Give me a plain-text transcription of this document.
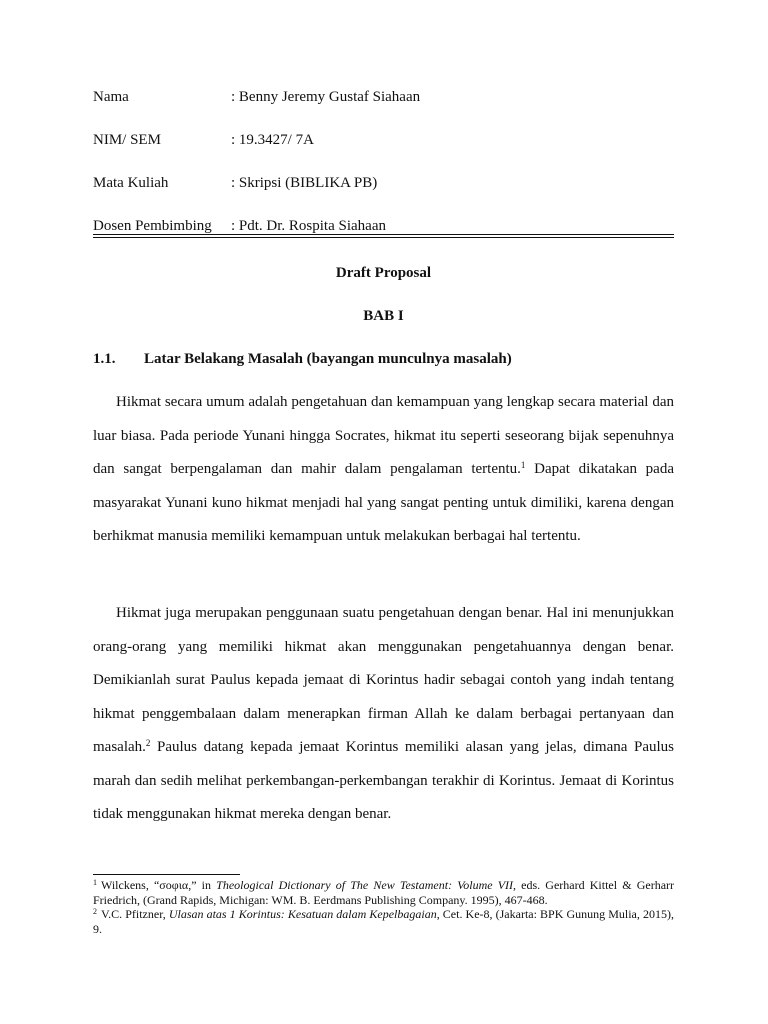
Nama	: Benny Jeremy Gustaf Siahaan
NIM/ SEM	: 19.3427/ 7A
Mata Kuliah	: Skripsi (BIBLIKA PB)
Dosen Pembimbing : Pdt. Dr. Rospita Siahaan
Draft Proposal
BAB I
1.1. Latar Belakang Masalah (bayangan munculnya masalah)

Hikmat secara umum adalah pengetahuan dan kemampuan yang lengkap secara material dan luar biasa. Pada periode Yunani hingga Socrates, hikmat itu seperti seseorang bijak sepenuhnya dan sangat berpengalaman dan mahir dalam pengalaman tertentu.$^1$ Dapat dikatakan pada masyarakat Yunani kuno hikmat menjadi hal yang sangat penting untuk dimiliki, karena dengan berhikmat manusia memiliki kemampuan untuk melakukan berbagai hal tertentu.

Hikmat juga merupakan penggunaan suatu pengetahuan dengan benar. Hal ini menunjukkan orang-orang yang memiliki hikmat akan menggunakan pengetahuannya dengan benar. Demikianlah surat Paulus kepada jemaat di Korintus hadir sebagai contoh yang indah tentang hikmat penggembalaan dalam menerapkan firman Allah ke dalam berbagai pertanyaan dan masalah.$^2$ Paulus datang kepada jemaat Korintus memiliki alasan yang jelas, dimana Paulus marah dan sedih melihat perkembangan-perkembangan terakhir di Korintus. Jemaat di Korintus tidak menggunakan hikmat mereka dengan benar.

$^1$ Wilckens, “σοφια,” in Theological Dictionary of The New Testament: Volume VII, eds. Gerhard Kittel & Gerharr Friedrich, (Grand Rapids, Michigan: WM. B. Eerdmans Publishing Company. 1995), 467-468.

$^2$ V.C. Pfitzner, Ulasan atas 1 Korintus: Kesatuan dalam Kepelbagaian, Cet. Ke-8, (Jakarta: BPK Gunung Mulia, 2015), 9.
